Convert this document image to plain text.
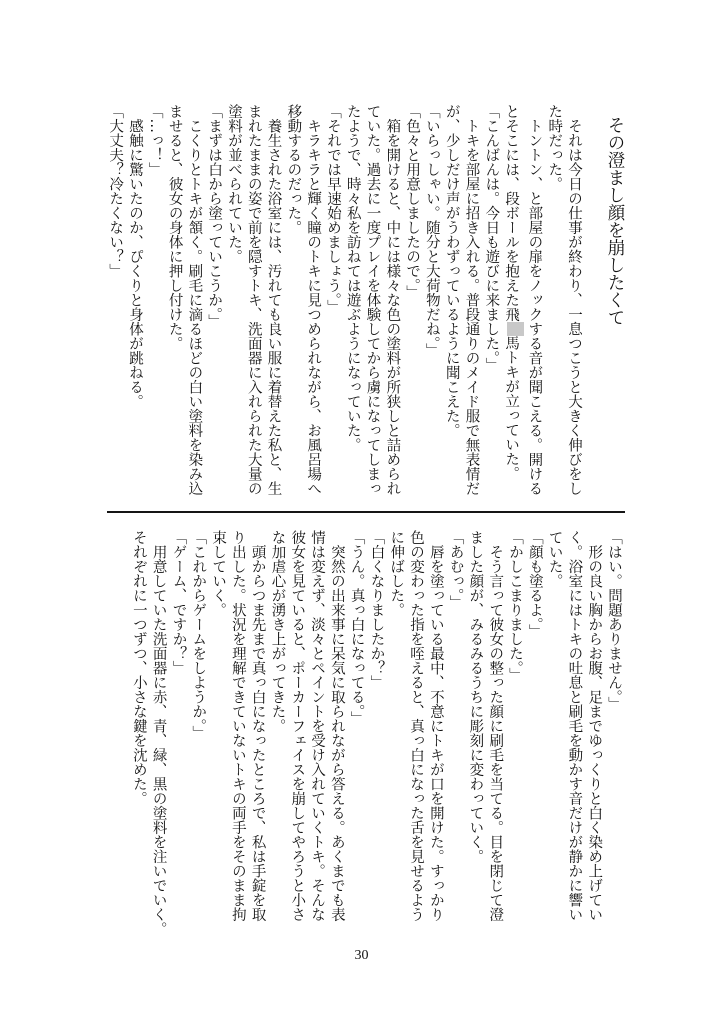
その澄まし顔を崩したくて
　それは今日の仕事が終わり、一息つこうと大きく伸びをし
た時だった。
　トントン、と部屋の扉をノックする音が聞こえる。開ける
とそこには、段ボールを抱えた飛馬トキが立っていた。
「こんばんは。今日も遊びに来ました。」
　トキを部屋に招き入れる。普段通りのメイド服で無表情だ
が、少しだけ声がうわずっているように聞こえた。
「いらっしゃい。随分と大荷物だね。」
「色々と用意しましたので。」
　箱を開けると、中には様々な色の塗料が所狭しと詰められ
ていた。過去に一度プレイを体験してから虜になってしまっ
たようで、時々私を訪ねては遊ぶようになっていた。
「それでは早速始めましょう。」
　キラキラと輝く瞳のトキに見つめられながら、お風呂場へ
移動するのだった。
　養生された浴室には、汚れても良い服に着替えた私と、生
まれたままの姿で前を隠すトキ、洗面器に入れられた大量の
塗料が並べられていた。
「まずは白から塗っていこうか。」
　こくりとトキが頷く。刷毛に滴るほどの白い塗料を染み込
ませると、彼女の身体に押し付けた。
「…っ！」
　感触に驚いたのか、ぴくりと身体が跳ねる。
「大丈夫？冷たくない？」
「はい。問題ありません。」
　形の良い胸からお腹、足までゆっくりと白く染め上げてい
く。浴室にはトキの吐息と刷毛を動かす音だけが静かに響い
ていた。
「顔も塗るよ。」
「かしこまりました。」
　そう言って彼女の整った顔に刷毛を当てる。目を閉じて澄
ました顔が、みるみるうちに彫刻に変わっていく。
「あむっ。」
　唇を塗っている最中、不意にトキが口を開けた。すっかり
色の変わった指を咥えると、真っ白になった舌を見せるよう
に伸ばした。
「白くなりましたか？」
「うん。真っ白になってる。」
　突然の出来事に呆気に取られながら答える。あくまでも表
情は変えず、淡々とペイントを受け入れていくトキ。そんな
彼女を見ていると、ポーカーフェイスを崩してやろうと小さ
な加虐心が湧き上がってきた。
　頭からつま先まで真っ白になったところで、私は手錠を取
り出した。状況を理解できていないトキの両手をそのまま拘
束していく。
「これからゲームをしようか。」
「ゲーム、ですか？」
　用意していた洗面器に赤、青、緑、黒の塗料を注いでいく。
それぞれに一つずつ、小さな鍵を沈めた。
30
